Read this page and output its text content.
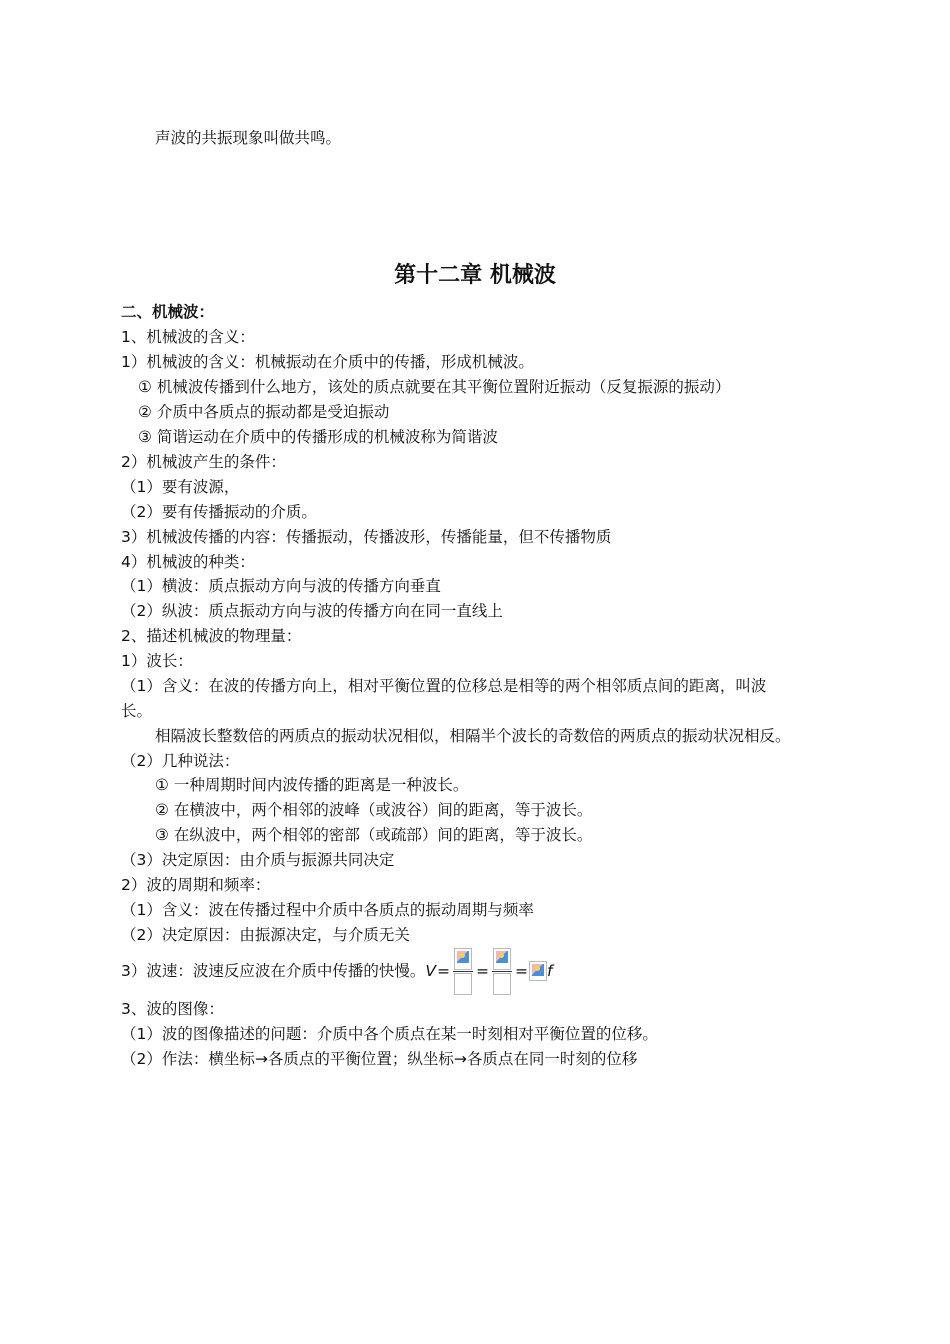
声波的共振现象叫做共鸣。
第十二章 机械波
二、机械波：
1、机械波的含义：
1）机械波的含义：机械振动在介质中的传播，形成机械波。
① 机械波传播到什么地方，该处的质点就要在其平衡位置附近振动（反复振源的振动）
② 介质中各质点的振动都是受迫振动
③ 简谐运动在介质中的传播形成的机械波称为简谐波
2）机械波产生的条件：
（1）要有波源，
（2）要有传播振动的介质。
3）机械波传播的内容：传播振动，传播波形，传播能量，但不传播物质
4）机械波的种类：
（1）横波：质点振动方向与波的传播方向垂直
（2）纵波：质点振动方向与波的传播方向在同一直线上
2、描述机械波的物理量：
1）波长：
（1）含义：在波的传播方向上，相对平衡位置的位移总是相等的两个相邻质点间的距离，叫波
长。
相隔波长整数倍的两质点的振动状况相似，相隔半个波长的奇数倍的两质点的振动状况相反。
（2）几种说法：
① 一种周期时间内波传播的距离是一种波长。
② 在横波中，两个相邻的波峰（或波谷）间的距离，等于波长。
③ 在纵波中，两个相邻的密部（或疏部）间的距离，等于波长。
（3）决定原因：由介质与振源共同决定
2）波的周期和频率：
（1）含义：波在传播过程中介质中各质点的振动周期与频率
（2）决定原因：由振源决定，与介质无关
3）波速：波速反应波在介质中传播的快慢。 V = = = f
3、波的图像：
（1）波的图像描述的问题：介质中各个质点在某一时刻相对平衡位置的位移。
（2）作法：横坐标→各质点的平衡位置；纵坐标→各质点在同一时刻的位移
